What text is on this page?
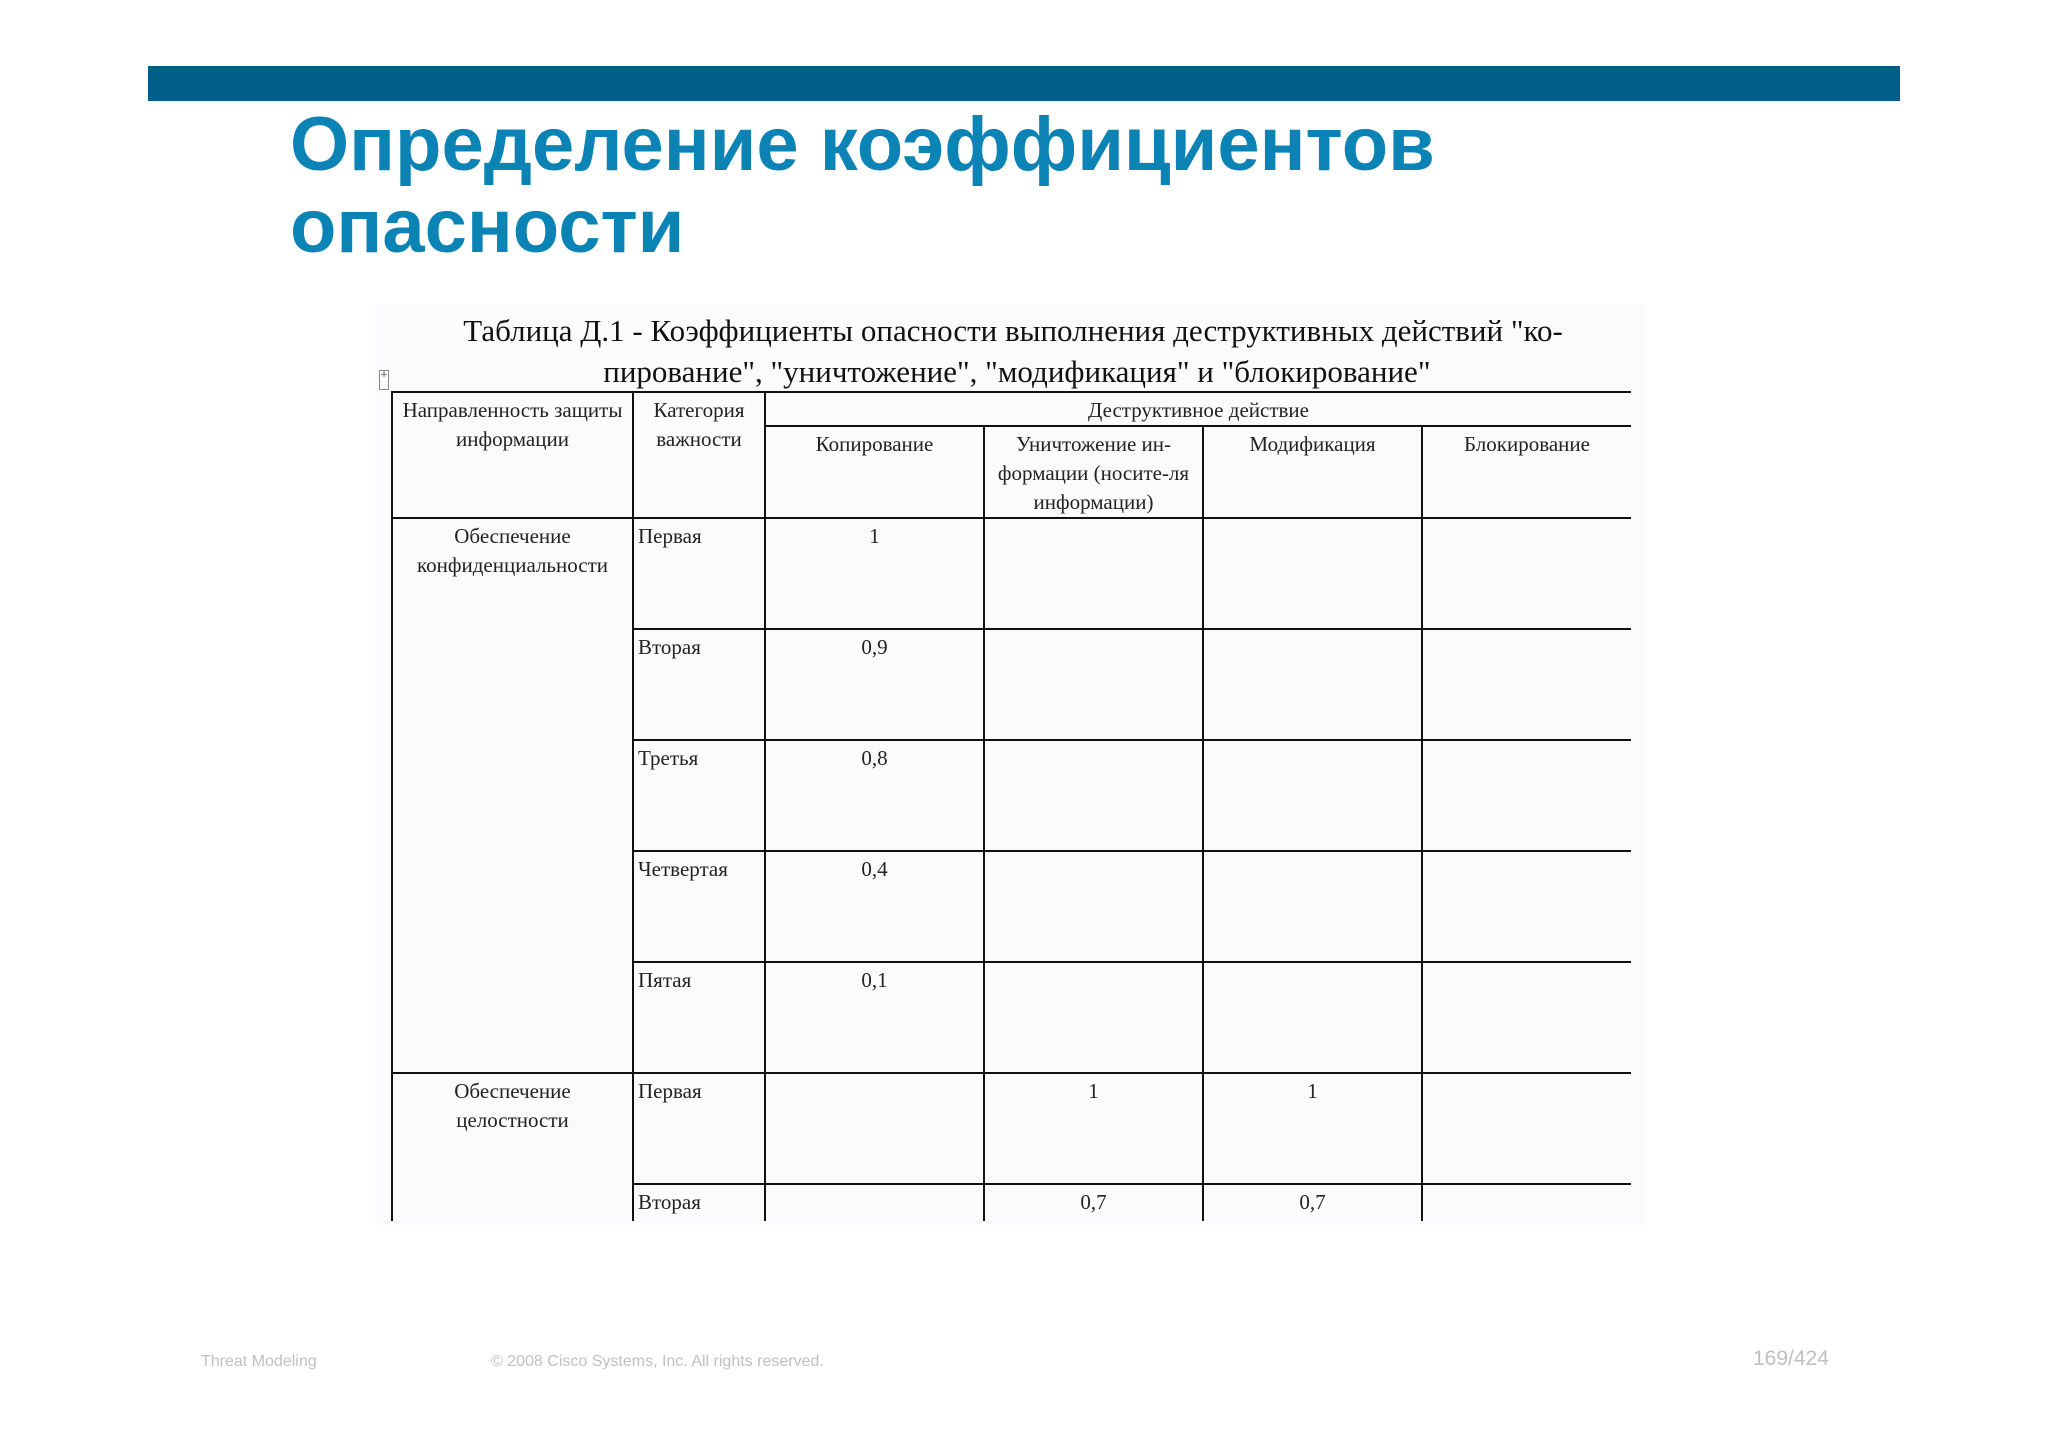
Определение коэффициентов опасности
+

Таблица Д.1 - Коэффициенты опасности выполнения деструктивных действий "ко- пирование", "уничтожение", "модификация" и "блокирование"

Направленность защиты информации	Категория важности	Деструктивное действие			
		Копирование	Уничтожение ин-формации (носите-ля информации)	Модификация	Блокирование
Обеспечение конфиденциальности	Первая	1			
	Вторая	0,9			
	Третья	0,8			
	Четвертая	0,4			
	Пятая	0,1			
Обеспечение целостности	Первая		1	1	
	Вторая		0,7	0,7	
Threat Modeling	© 2008 Cisco Systems, Inc. All rights reserved.	169/424
